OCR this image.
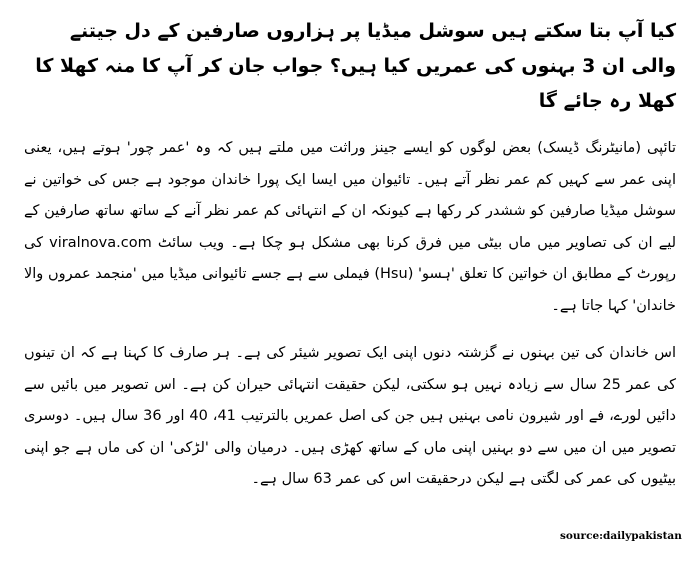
کیا آپ بتا سکتے ہیں سوشل میڈیا پر ہزاروں صارفین کے دل جیتنے والی ان 3 بہنوں کی عمریں کیا ہیں؟ جواب جان کر آپ کا منہ کھلا کا کھلا رہ جائے گا

تائپی (مانیٹرنگ ڈیسک) بعض لوگوں کو ایسے جینز وراثت میں ملتے ہیں کہ وہ 'عمر چور' ہوتے ہیں، یعنی اپنی عمر سے کہیں کم عمر نظر آتے ہیں۔ تائیوان میں ایسا ایک پورا خاندان موجود ہے جس کی خواتین نے سوشل میڈیا صارفین کو ششدر کر رکھا ہے کیونکہ ان کے انتہائی کم عمر نظر آنے کے ساتھ ساتھ صارفین کے لیے ان کی تصاویر میں ماں بیٹی میں فرق کرنا بھی مشکل ہو چکا ہے۔ ویب سائٹ viralnova.com کی رپورٹ کے مطابق ان خواتین کا تعلق 'ہسو' (Hsu) فیملی سے ہے جسے تائیوانی میڈیا میں 'منجمد عمروں والا خاندان' کہا جاتا ہے۔

اس خاندان کی تین بہنوں نے گزشتہ دنوں اپنی ایک تصویر شیئر کی ہے۔ ہر صارف کا کہنا ہے کہ ان تینوں کی عمر 25 سال سے زیادہ نہیں ہو سکتی، لیکن حقیقت انتہائی حیران کن ہے۔ اس تصویر میں بائیں سے دائیں لورے، فے اور شیرون نامی بہنیں ہیں جن کی اصل عمریں بالترتیب 41، 40 اور 36 سال ہیں۔ دوسری تصویر میں ان میں سے دو بہنیں اپنی ماں کے ساتھ کھڑی ہیں۔ درمیان والی 'لڑکی' ان کی ماں ہے جو اپنی بیٹیوں کی عمر کی لگتی ہے لیکن درحقیقت اس کی عمر 63 سال ہے۔

source:dailypakistan
